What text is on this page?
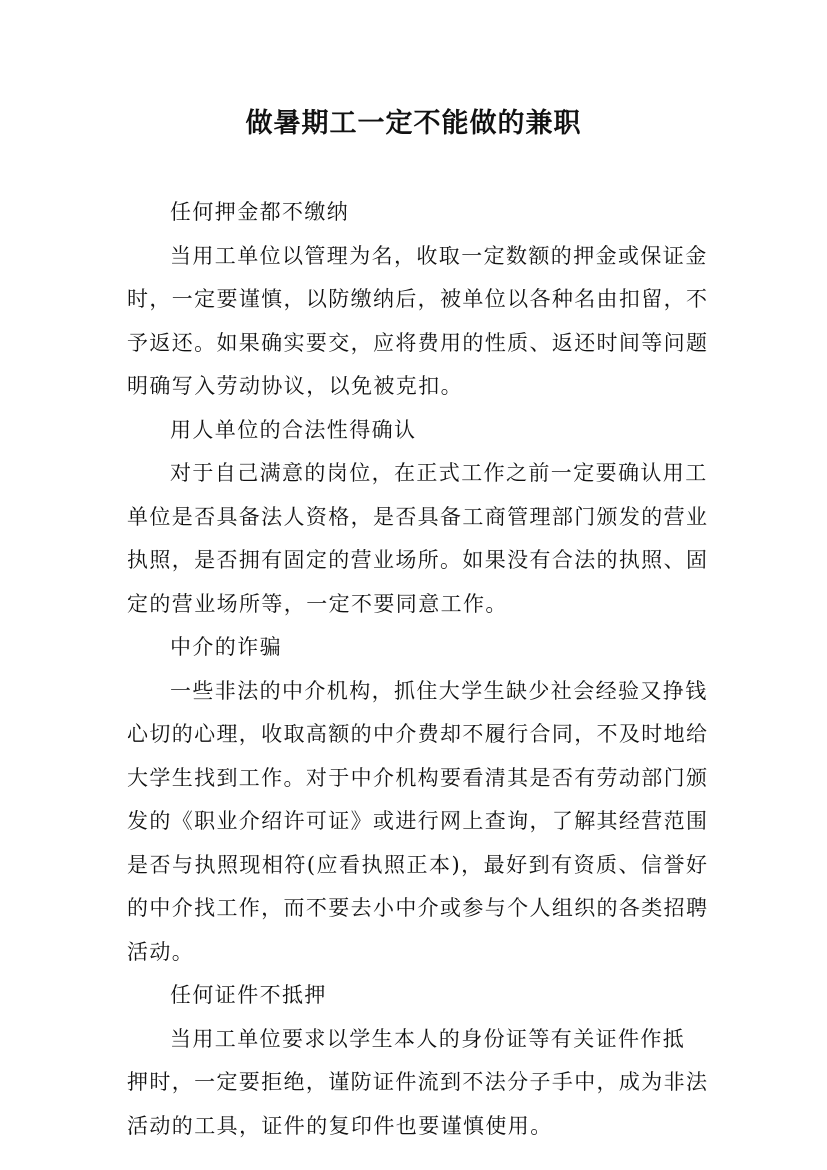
做暑期工一定不能做的兼职
任何押金都不缴纳
当用工单位以管理为名，收取一定数额的押金或保证金
时，一定要谨慎，以防缴纳后，被单位以各种名由扣留，不
予返还。如果确实要交，应将费用的性质、返还时间等问题
明确写入劳动协议，以免被克扣。
用人单位的合法性得确认
对于自己满意的岗位，在正式工作之前一定要确认用工
单位是否具备法人资格，是否具备工商管理部门颁发的营业
执照，是否拥有固定的营业场所。如果没有合法的执照、固
定的营业场所等，一定不要同意工作。
中介的诈骗
一些非法的中介机构，抓住大学生缺少社会经验又挣钱
心切的心理，收取高额的中介费却不履行合同，不及时地给
大学生找到工作。对于中介机构要看清其是否有劳动部门颁
发的《职业介绍许可证》或进行网上查询，了解其经营范围
是否与执照现相符(应看执照正本)，最好到有资质、信誉好
的中介找工作，而不要去小中介或参与个人组织的各类招聘
活动。
任何证件不抵押
当用工单位要求以学生本人的身份证等有关证件作抵
押时，一定要拒绝，谨防证件流到不法分子手中，成为非法
活动的工具，证件的复印件也要谨慎使用。
